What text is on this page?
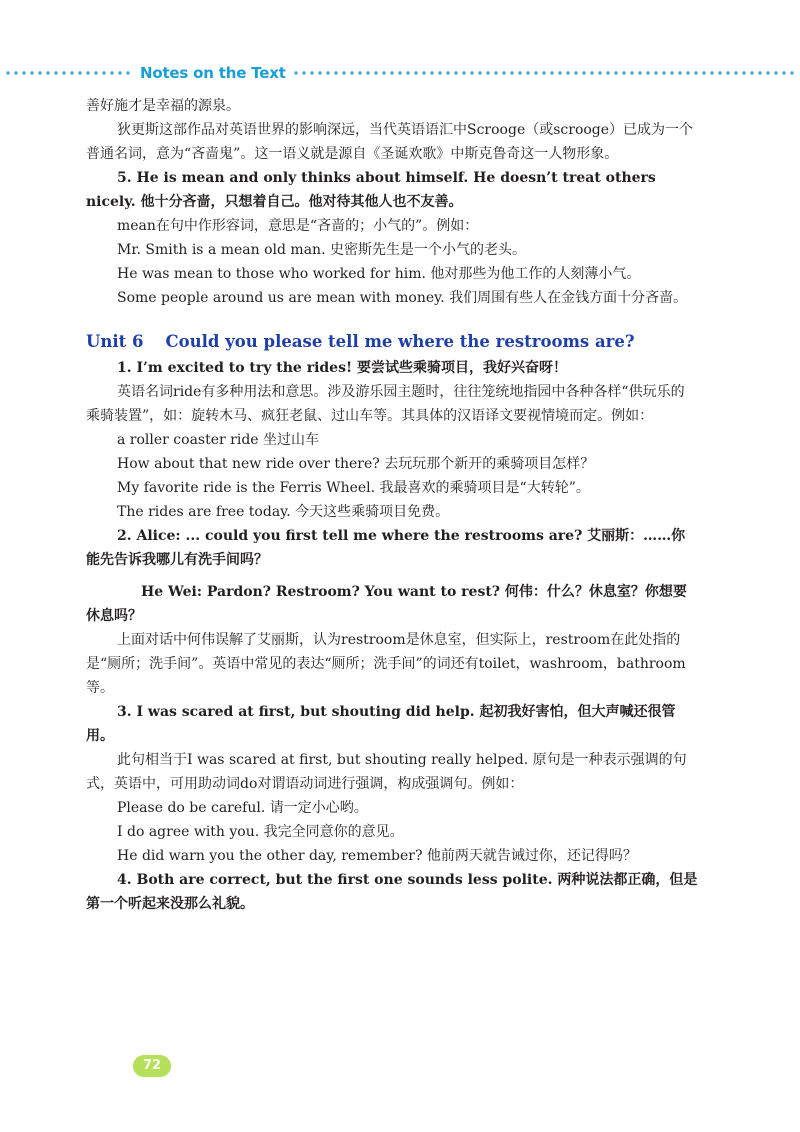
Notes on the Text

善好施才是幸福的源泉。

狄更斯这部作品对英语世界的影响深远，当代英语语汇中Scrooge（或scrooge）已成为一个普通名词，意为“吝啬鬼”。这一语义就是源自《圣诞欢歌》中斯克鲁奇这一人物形象。

5. He is mean and only thinks about himself. He doesn’t treat others nicely. 他十分吝啬，只想着自己。他对待其他人也不友善。

mean在句中作形容词，意思是“吝啬的；小气的”。例如：

Mr. Smith is a mean old man. 史密斯先生是一个小气的老头。

He was mean to those who worked for him. 他对那些为他工作的人刻薄小气。

Some people around us are mean with money. 我们周围有些人在金钱方面十分吝啬。

Unit 6 Could you please tell me where the restrooms are?

1. I’m excited to try the rides! 要尝试些乘骑项目，我好兴奋呀！

英语名词ride有多种用法和意思。涉及游乐园主题时，往往笼统地指园中各种各样“供玩乐的乘骑装置”，如：旋转木马、疯狂老鼠、过山车等。其具体的汉语译文要视情境而定。例如：

a roller coaster ride 坐过山车

How about that new ride over there? 去玩玩那个新开的乘骑项目怎样？

My favorite ride is the Ferris Wheel. 我最喜欢的乘骑项目是“大转轮”。

The rides are free today. 今天这些乘骑项目免费。

2. Alice: ... could you first tell me where the restrooms are? 艾丽斯：……你能先告诉我哪儿有洗手间吗？

He Wei: Pardon? Restroom? You want to rest? 何伟：什么？休息室？你想要休息吗？

上面对话中何伟误解了艾丽斯，认为restroom是休息室，但实际上，restroom在此处指的是“厕所；洗手间”。英语中常见的表达“厕所；洗手间”的词还有toilet，washroom，bathroom等。

3. I was scared at first, but shouting did help. 起初我好害怕，但大声喊还很管用。

此句相当于I was scared at first, but shouting really helped. 原句是一种表示强调的句式，英语中，可用助动词do对谓语动词进行强调，构成强调句。例如：

Please do be careful. 请一定小心哟。

I do agree with you. 我完全同意你的意见。

He did warn you the other day, remember? 他前两天就告诫过你，还记得吗？

4. Both are correct, but the first one sounds less polite. 两种说法都正确，但是第一个听起来没那么礼貌。

72
